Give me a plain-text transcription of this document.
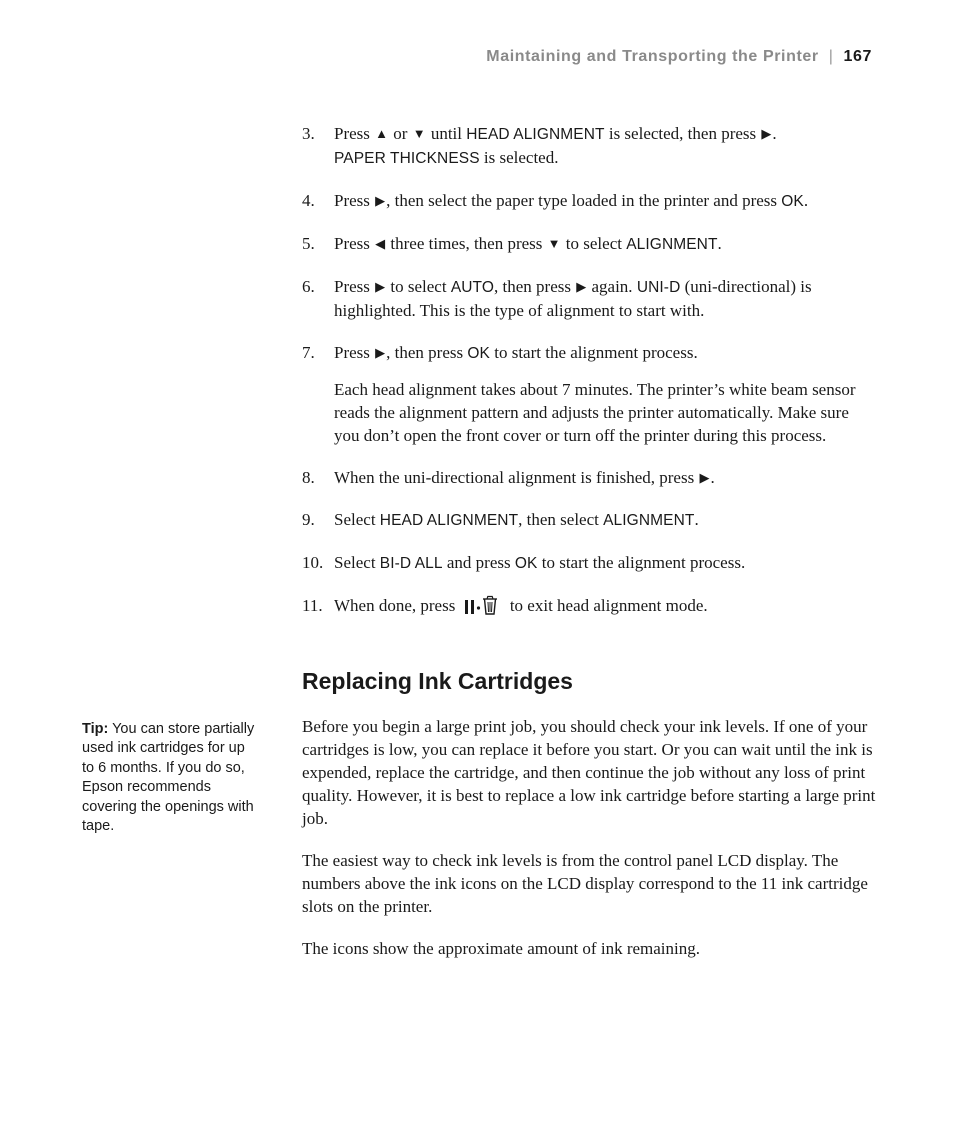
Maintaining and Transporting the Printer | 167
3. Press ▲ or ▼ until HEAD ALIGNMENT is selected, then press ▶.
PAPER THICKNESS is selected.

4. Press ▶, then select the paper type loaded in the printer and press OK.

5. Press ◀ three times, then press ▼ to select ALIGNMENT.

6. Press ▶ to select AUTO, then press ▶ again. UNI-D (uni-directional) is highlighted. This is the type of alignment to start with.

7. Press ▶, then press OK to start the alignment process.

Each head alignment takes about 7 minutes. The printer’s white beam sensor reads the alignment pattern and adjusts the printer automatically. Make sure you don’t open the front cover or turn off the printer during this process.

8. When the uni-directional alignment is finished, press ▶.

9. Select HEAD ALIGNMENT, then select ALIGNMENT.

10. Select BI-D ALL and press OK to start the alignment process.

11. When done, press	to exit head alignment mode.

Replacing Ink Cartridges

Before you begin a large print job, you should check your ink levels. If one of your cartridges is low, you can replace it before you start. Or you can wait until the ink is expended, replace the cartridge, and then continue the job without any loss of print quality. However, it is best to replace a low ink cartridge before starting a large print job.

The easiest way to check ink levels is from the control panel LCD display. The numbers above the ink icons on the LCD display correspond to the 11 ink cartridge slots on the printer.

The icons show the approximate amount of ink remaining.

Tip: You can store partially used ink cartridges for up to 6 months. If you do so, Epson recommends covering the openings with tape.
